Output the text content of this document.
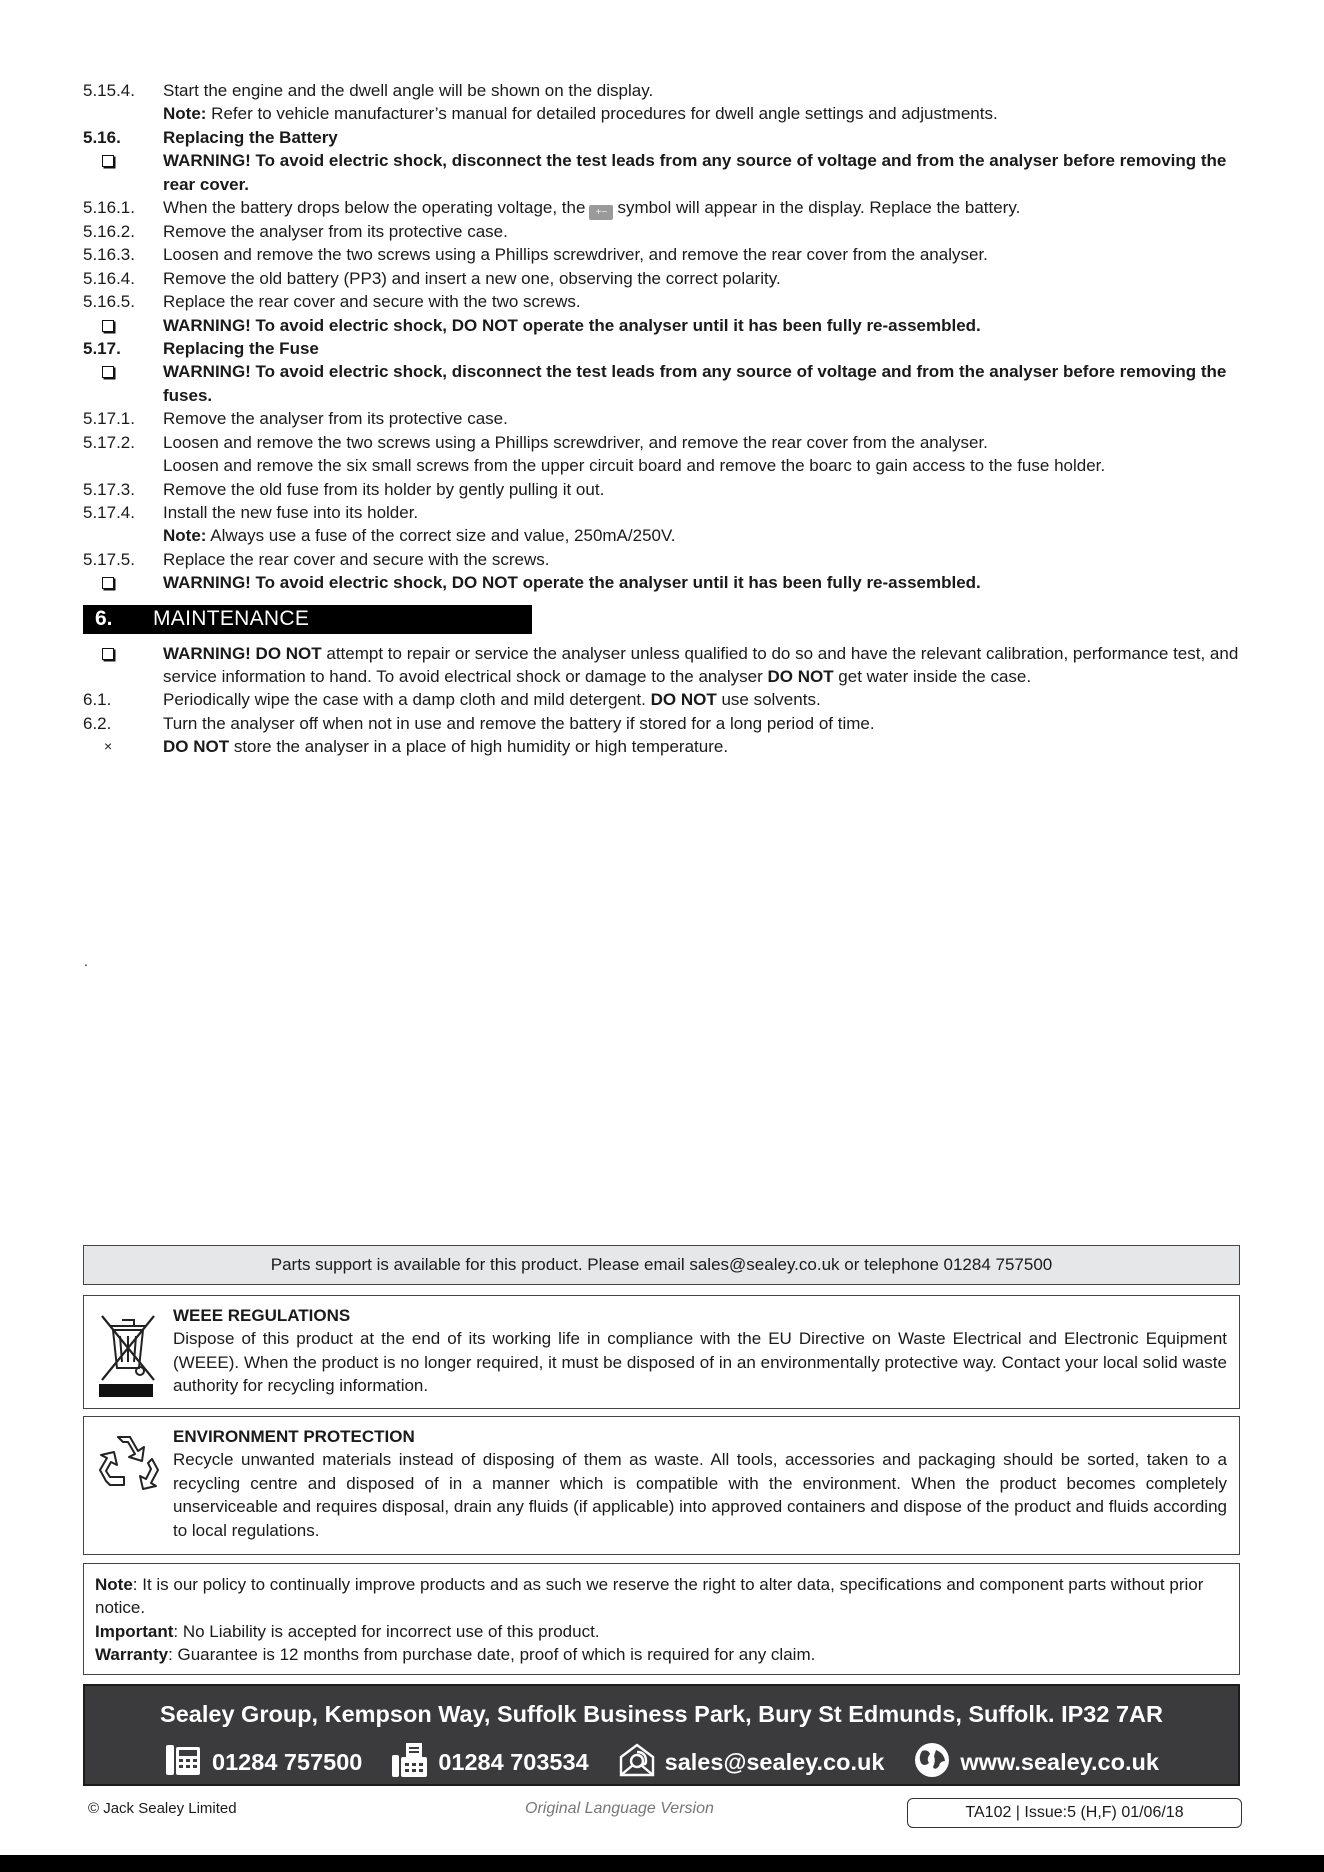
5.15.4.	Start the engine and the dwell angle will be shown on the display.
Note: Refer to vehicle manufacturer’s manual for detailed procedures for dwell angle settings and adjustments.
5.16.	Replacing the Battery
WARNING! To avoid electric shock, disconnect the test leads from any source of voltage and from the analyser before removing the rear cover.
5.16.1.	When the battery drops below the operating voltage, the +− symbol will appear in the display. Replace the battery.
5.16.2.	Remove the analyser from its protective case.
5.16.3.	Loosen and remove the two screws using a Phillips screwdriver, and remove the rear cover from the analyser.
5.16.4.	Remove the old battery (PP3) and insert a new one, observing the correct polarity.
5.16.5.	Replace the rear cover and secure with the two screws.
WARNING! To avoid electric shock, DO NOT operate the analyser until it has been fully re-assembled.
5.17.	Replacing the Fuse
WARNING! To avoid electric shock, disconnect the test leads from any source of voltage and from the analyser before removing the fuses.
5.17.1.	Remove the analyser from its protective case.
5.17.2.	Loosen and remove the two screws using a Phillips screwdriver, and remove the rear cover from the analyser.
Loosen and remove the six small screws from the upper circuit board and remove the boarc to gain access to the fuse holder.
5.17.3.	Remove the old fuse from its holder by gently pulling it out.
5.17.4.	Install the new fuse into its holder.
Note: Always use a fuse of the correct size and value, 250mA/250V.
5.17.5.	Replace the rear cover and secure with the screws.
WARNING! To avoid electric shock, DO NOT operate the analyser until it has been fully re-assembled.
6.	MAINTENANCE
WARNING! DO NOT attempt to repair or service the analyser unless qualified to do so and have the relevant calibration, performance test, and service information to hand. To avoid electrical shock or damage to the analyser DO NOT get water inside the case.
6.1.	Periodically wipe the case with a damp cloth and mild detergent. DO NOT use solvents.
6.2.	Turn the analyser off when not in use and remove the battery if stored for a long period of time.
×	DO NOT store the analyser in a place of high humidity or high temperature.
.
Parts support is available for this product. Please email sales@sealey.co.uk or telephone 01284 757500
WEEE REGULATIONS
Dispose of this product at the end of its working life in compliance with the EU Directive on Waste Electrical and Electronic Equipment (WEEE). When the product is no longer required, it must be disposed of in an environmentally protective way. Contact your local solid waste authority for recycling information.
ENVIRONMENT PROTECTION
Recycle unwanted materials instead of disposing of them as waste. All tools, accessories and packaging should be sorted, taken to a recycling centre and disposed of in a manner which is compatible with the environment. When the product becomes completely unserviceable and requires disposal, drain any fluids (if applicable) into approved containers and dispose of the product and fluids according to local regulations.
Note: It is our policy to continually improve products and as such we reserve the right to alter data, specifications and component parts without prior notice.
Important: No Liability is accepted for incorrect use of this product.
Warranty: Guarantee is 12 months from purchase date, proof of which is required for any claim.
Sealey Group, Kempson Way, Suffolk Business Park, Bury St Edmunds, Suffolk. IP32 7AR
01284 757500	01284 703534	sales@sealey.co.uk	www.sealey.co.uk
© Jack Sealey Limited	Original Language Version	TA102 | Issue:5 (H,F) 01/06/18
